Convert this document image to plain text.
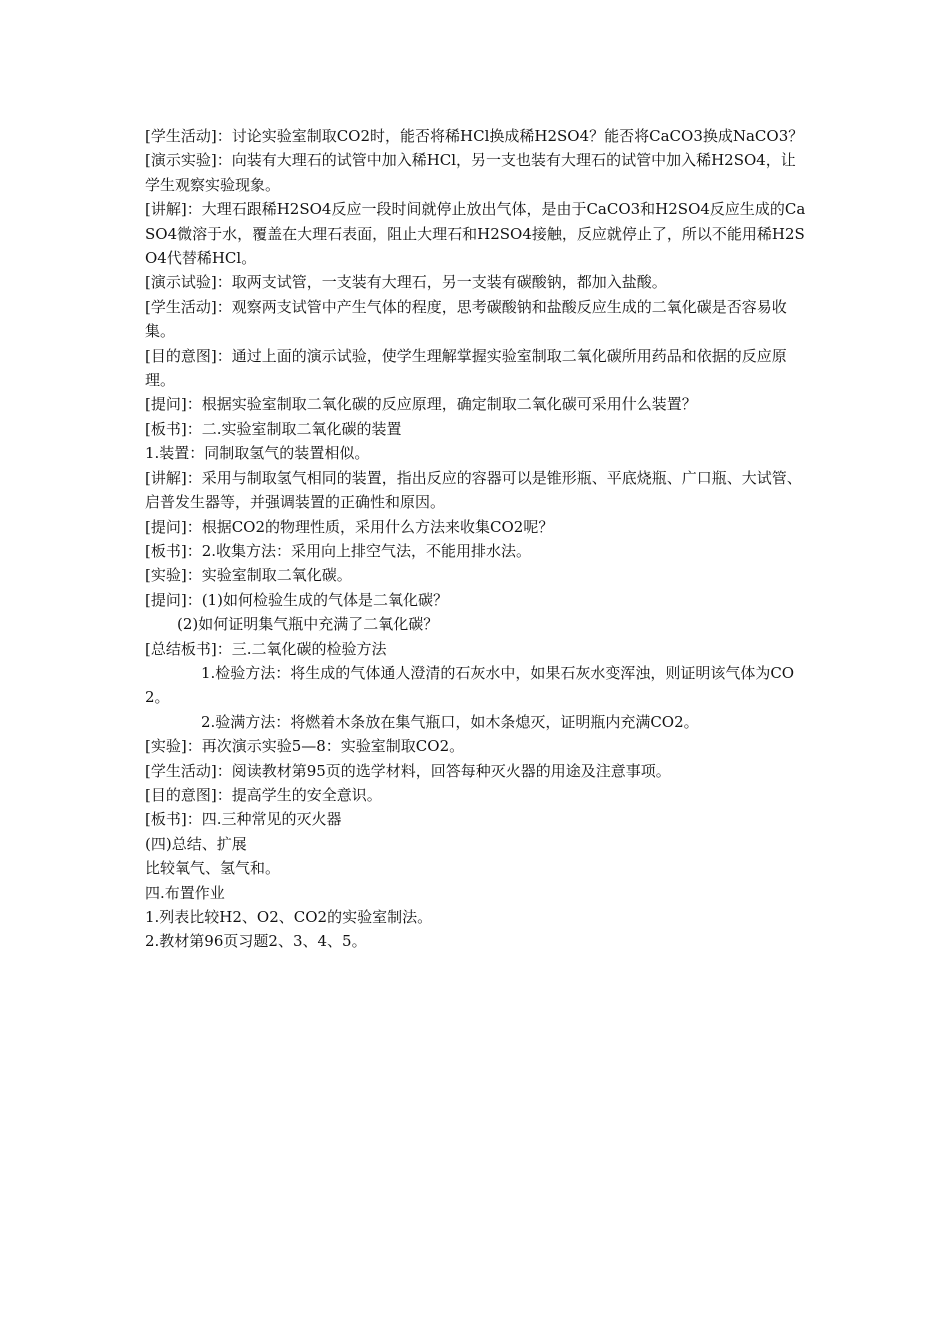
[学生活动]：讨论实验室制取CO2时，能否将稀HCl换成稀H2SO4？能否将CaCO3换成NaCO3？

[演示实验]：向装有大理石的试管中加入稀HCl，另一支也装有大理石的试管中加入稀H2SO4，让学生观察实验现象。

[讲解]：大理石跟稀H2SO4反应一段时间就停止放出气体，是由于CaCO3和H2SO4反应生成的CaSO4微溶于水，覆盖在大理石表面，阻止大理石和H2SO4接触，反应就停止了，所以不能用稀H2SO4代替稀HCl。

[演示试验]：取两支试管，一支装有大理石，另一支装有碳酸钠，都加入盐酸。

[学生活动]：观察两支试管中产生气体的程度，思考碳酸钠和盐酸反应生成的二氧化碳是否容易收集。

[目的意图]：通过上面的演示试验，使学生理解掌握实验室制取二氧化碳所用药品和依据的反应原理。

[提问]：根据实验室制取二氧化碳的反应原理，确定制取二氧化碳可采用什么装置？

[板书]：二.实验室制取二氧化碳的装置

1.装置：同制取氢气的装置相似。

[讲解]：采用与制取氢气相同的装置，指出反应的容器可以是锥形瓶、平底烧瓶、广口瓶、大试管、启普发生器等，并强调装置的正确性和原因。

[提问]：根据CO2的物理性质，采用什么方法来收集CO2呢？

[板书]：2.收集方法：采用向上排空气法，不能用排水法。

[实验]：实验室制取二氧化碳。

[提问]：(1)如何检验生成的气体是二氧化碳？

(2)如何证明集气瓶中充满了二氧化碳？

[总结板书]：三.二氧化碳的检验方法

1.检验方法：将生成的气体通人澄清的石灰水中，如果石灰水变浑浊，则证明该气体为CO2。

2.验满方法：将燃着木条放在集气瓶口，如木条熄灭，证明瓶内充满CO2。

[实验]：再次演示实验5—8：实验室制取CO2。

[学生活动]：阅读教材第95页的选学材料，回答每种灭火器的用途及注意事项。

[目的意图]：提高学生的安全意识。

[板书]：四.三种常见的灭火器

(四)总结、扩展

比较氧气、氢气和。

四.布置作业

1.列表比较H2、O2、CO2的实验室制法。

2.教材第96页习题2、3、4、5。
